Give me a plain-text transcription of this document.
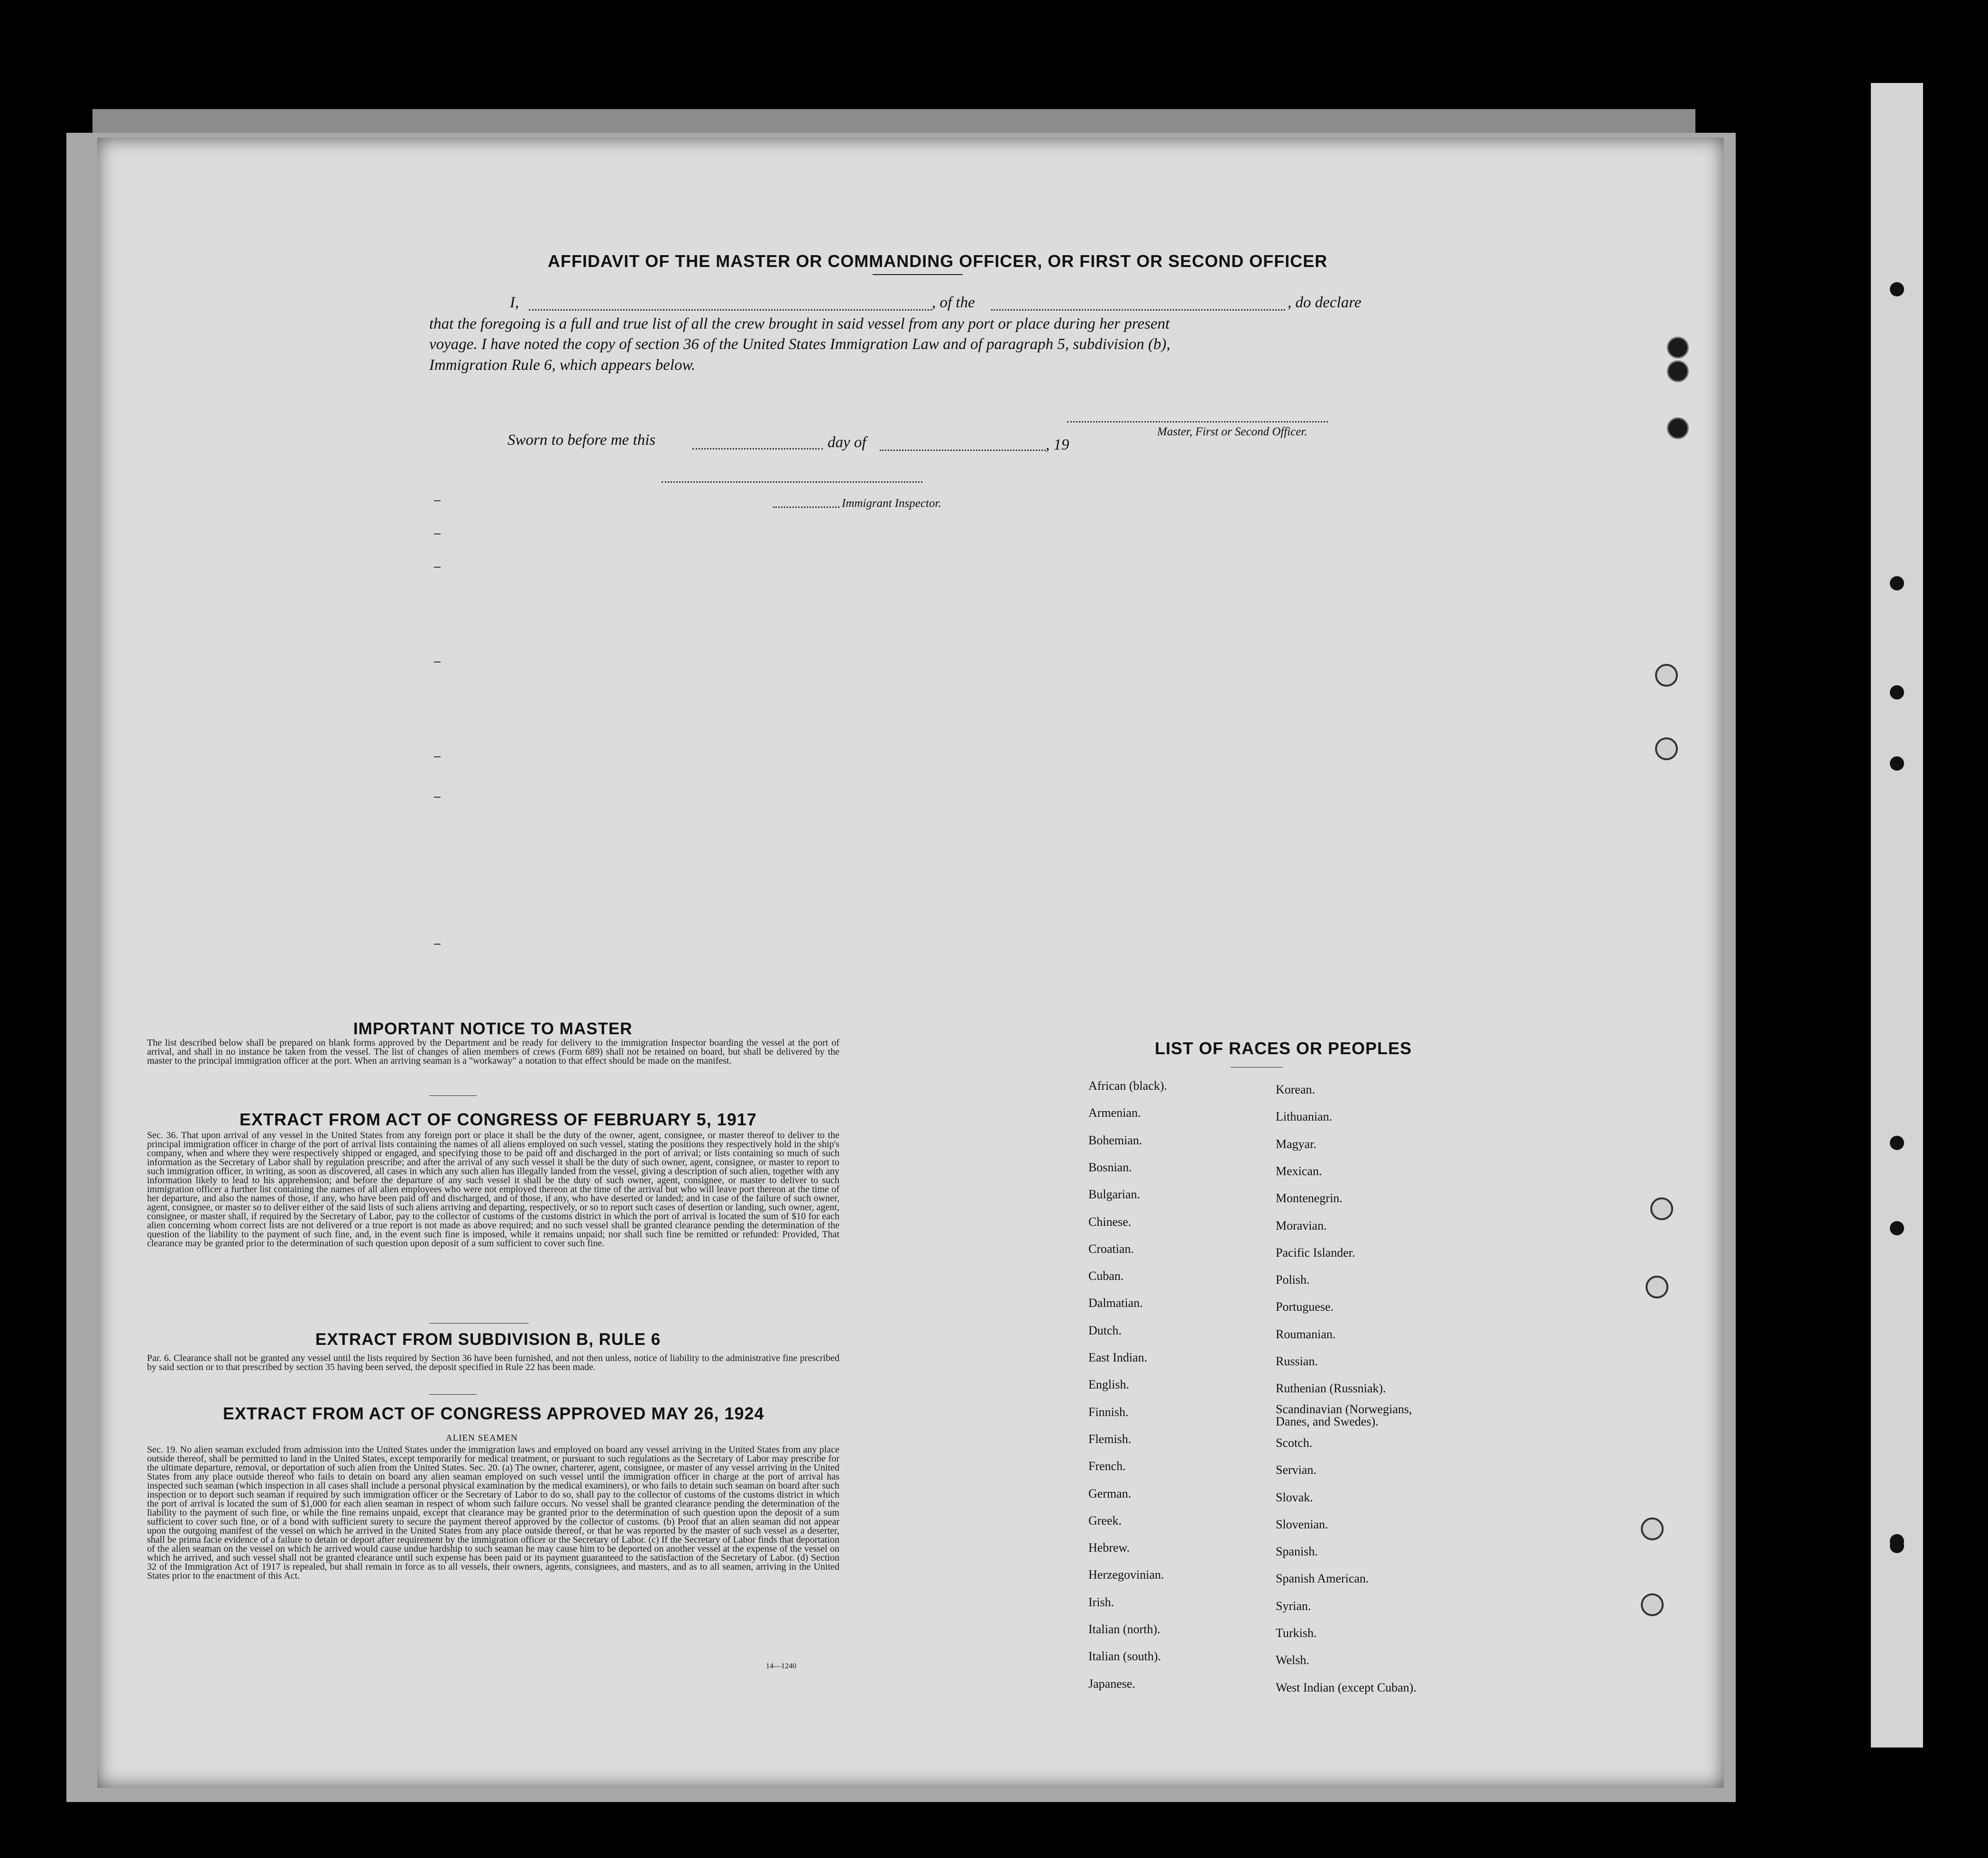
AFFIDAVIT OF THE MASTER OR COMMANDING OFFICER, OR FIRST OR SECOND OFFICER
I,	, of the	, do declare
that the foregoing is a full and true list of all the crew brought in said vessel from any port or place during her present
voyage. I have noted the copy of section 36 of the United States Immigration Law and of paragraph 5, subdivision (b),
Immigration Rule 6, which appears below.
Master, First or Second Officer.
Sworn to before me this	day of	, 19
Immigrant Inspector.
IMPORTANT NOTICE TO MASTER
The list described below shall be prepared on blank forms approved by the Department and be ready for delivery to the immigration Inspector boarding the vessel at the port of arrival, and shall in no instance be taken from the vessel. The list of changes of alien members of crews (Form 689) shall not be retained on board, but shall be delivered by the master to the principal immigration officer at the port. When an arriving seaman is a "workaway" a notation to that effect should be made on the manifest.
EXTRACT FROM ACT OF CONGRESS OF FEBRUARY 5, 1917
Sec. 36. That upon arrival of any vessel in the United States from any foreign port or place it shall be the duty of the owner, agent, consignee, or master thereof to deliver to the principal immigration officer in charge of the port of arrival lists containing the names of all aliens employed on such vessel, stating the positions they respectively hold in the ship's company, when and where they were respectively shipped or engaged, and specifying those to be paid off and discharged in the port of arrival; or lists containing so much of such information as the Secretary of Labor shall by regulation prescribe; and after the arrival of any such vessel it shall be the duty of such owner, agent, consignee, or master to report to such immigration officer, in writing, as soon as discovered, all cases in which any such alien has illegally landed from the vessel, giving a description of such alien, together with any information likely to lead to his apprehension; and before the departure of any such vessel it shall be the duty of such owner, agent, consignee, or master to deliver to such immigration officer a further list containing the names of all alien employees who were not employed thereon at the time of the arrival but who will leave port thereon at the time of her departure, and also the names of those, if any, who have been paid off and discharged, and of those, if any, who have deserted or landed; and in case of the failure of such owner, agent, consignee, or master so to deliver either of the said lists of such aliens arriving and departing, respectively, or so to report such cases of desertion or landing, such owner, agent, consignee, or master shall, if required by the Secretary of Labor, pay to the collector of customs of the customs district in which the port of arrival is located the sum of $10 for each alien concerning whom correct lists are not delivered or a true report is not made as above required; and no such vessel shall be granted clearance pending the determination of the question of the liability to the payment of such fine, and, in the event such fine is imposed, while it remains unpaid; nor shall such fine be remitted or refunded: Provided, That clearance may be granted prior to the determination of such question upon deposit of a sum sufficient to cover such fine.
EXTRACT FROM SUBDIVISION B, RULE 6
Par. 6. Clearance shall not be granted any vessel until the lists required by Section 36 have been furnished, and not then unless, notice of liability to the administrative fine prescribed by said section or to that prescribed by section 35 having been served, the deposit specified in Rule 22 has been made.
EXTRACT FROM ACT OF CONGRESS APPROVED MAY 26, 1924
ALIEN SEAMEN
Sec. 19. No alien seaman excluded from admission into the United States under the immigration laws and employed on board any vessel arriving in the United States from any place outside thereof, shall be permitted to land in the United States, except temporarily for medical treatment, or pursuant to such regulations as the Secretary of Labor may prescribe for the ultimate departure, removal, or deportation of such alien from the United States. Sec. 20. (a) The owner, charterer, agent, consignee, or master of any vessel arriving in the United States from any place outside thereof who fails to detain on board any alien seaman employed on such vessel until the immigration officer in charge at the port of arrival has inspected such seaman (which inspection in all cases shall include a personal physical examination by the medical examiners), or who fails to detain such seaman on board after such inspection or to deport such seaman if required by such immigration officer or the Secretary of Labor to do so, shall pay to the collector of customs of the customs district in which the port of arrival is located the sum of $1,000 for each alien seaman in respect of whom such failure occurs. No vessel shall be granted clearance pending the determination of the liability to the payment of such fine, or while the fine remains unpaid, except that clearance may be granted prior to the determination of such question upon the deposit of a sum sufficient to cover such fine, or of a bond with sufficient surety to secure the payment thereof approved by the collector of customs. (b) Proof that an alien seaman did not appear upon the outgoing manifest of the vessel on which he arrived in the United States from any place outside thereof, or that he was reported by the master of such vessel as a deserter, shall be prima facie evidence of a failure to detain or deport after requirement by the immigration officer or the Secretary of Labor. (c) If the Secretary of Labor finds that deportation of the alien seaman on the vessel on which he arrived would cause undue hardship to such seaman he may cause him to be deported on another vessel at the expense of the vessel on which he arrived, and such vessel shall not be granted clearance until such expense has been paid or its payment guaranteed to the satisfaction of the Secretary of Labor. (d) Section 32 of the Immigration Act of 1917 is repealed, but shall remain in force as to all vessels, their owners, agents, consignees, and masters, and as to all seamen, arriving in the United States prior to the enactment of this Act.
14—1240
LIST OF RACES OR PEOPLES
African (black).
Armenian.
Bohemian.
Bosnian.
Bulgarian.
Chinese.
Croatian.
Cuban.
Dalmatian.
Dutch.
East Indian.
English.
Finnish.
Flemish.
French.
German.
Greek.
Hebrew.
Herzegovinian.
Irish.
Italian (north).
Italian (south).
Japanese.
Korean.
Lithuanian.
Magyar.
Mexican.
Montenegrin.
Moravian.
Pacific Islander.
Polish.
Portuguese.
Roumanian.
Russian.
Ruthenian (Russniak).
Scandinavian (Norwegians, Danes, and Swedes).
Scotch.
Servian.
Slovak.
Slovenian.
Spanish.
Spanish American.
Syrian.
Turkish.
Welsh.
West Indian (except Cuban).
